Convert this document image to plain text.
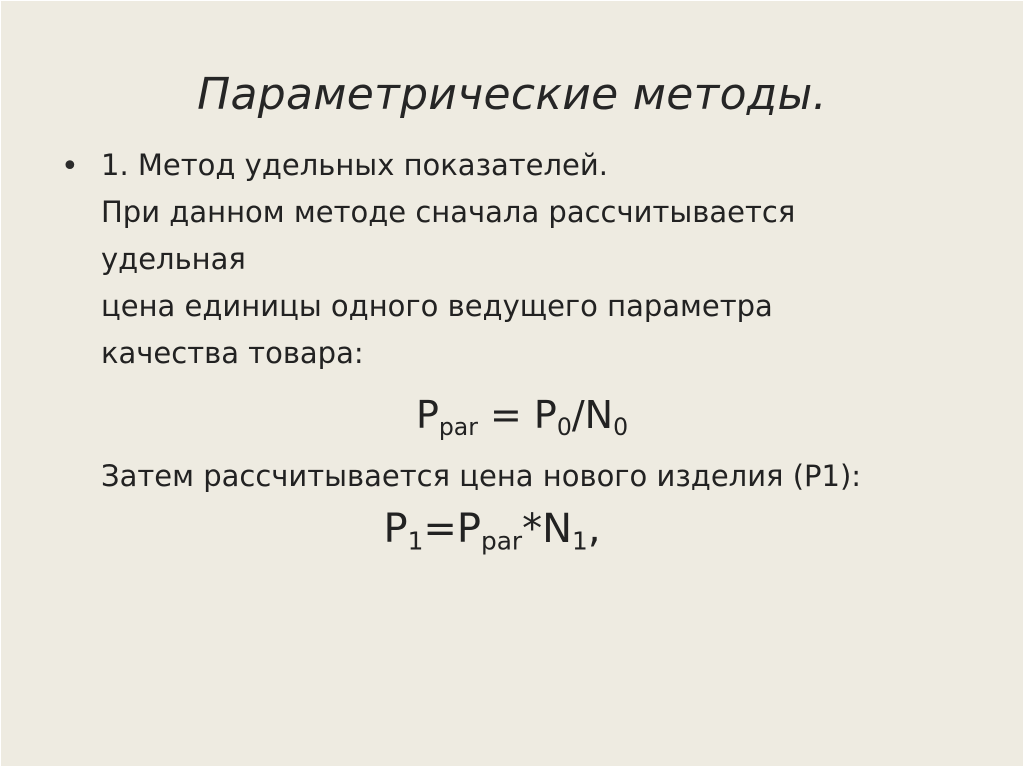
Параметрические методы.
• 1. Метод удельных показателей.
При данном методе сначала рассчитывается
удельная
цена единицы одного ведущего параметра
качества товара:
$P_{par} = P_0/N_0$
Затем рассчитывается цена нового изделия (P1):
$P_1=P_{par}*N_1$,
